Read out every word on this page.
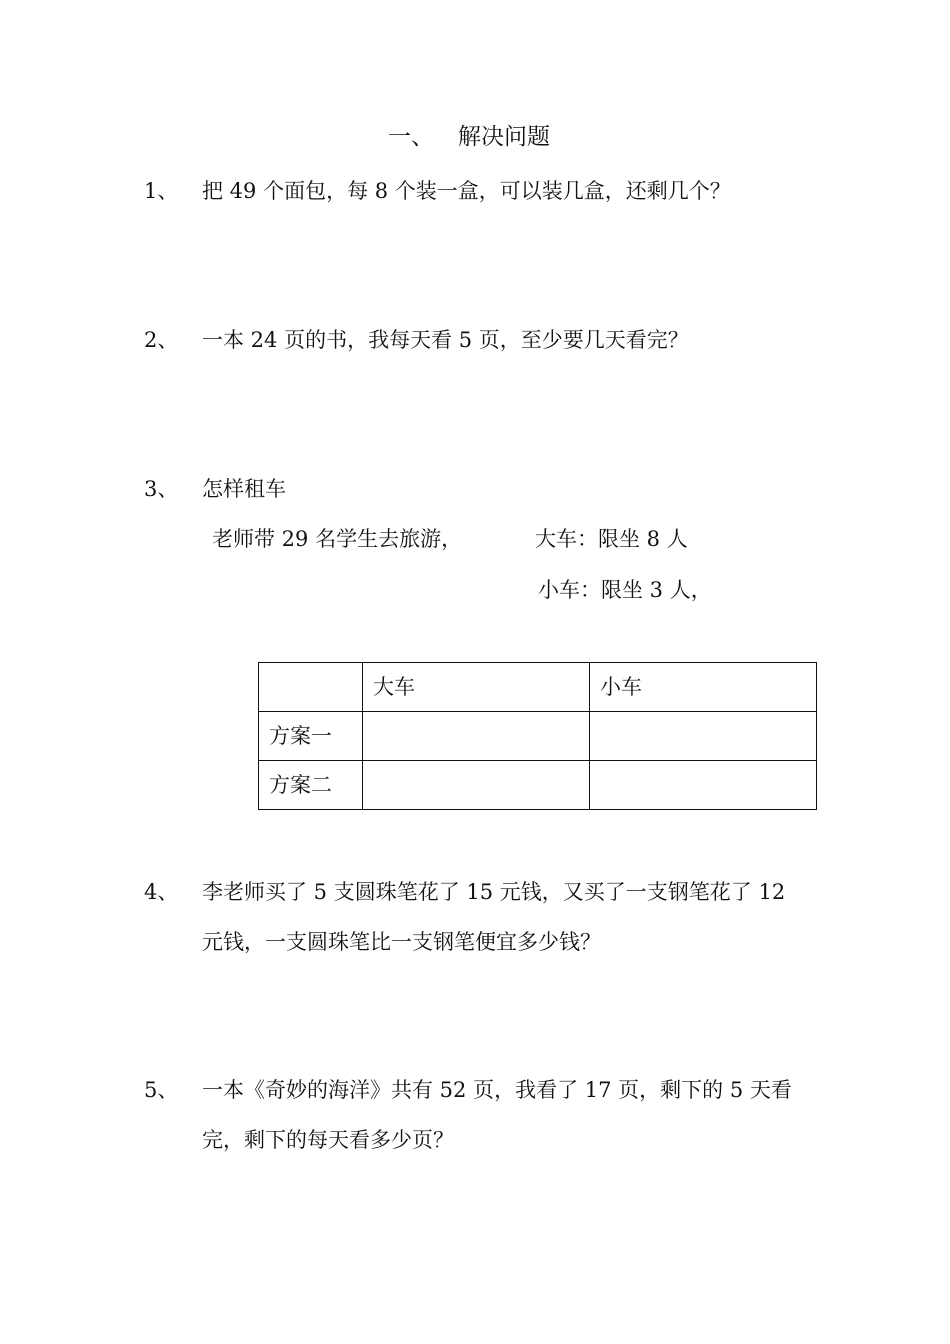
一、 解决问题
1、 把 49 个面包，每 8 个装一盒，可以装几盒，还剩几个？
2、 一本 24 页的书，我每天看 5 页，至少要几天看完？
3、 怎样租车
老师带 29 名学生去旅游，	大车：限坐 8 人
小车：限坐 3 人，
	大车	小车
方案一		
方案二		
4、 李老师买了 5 支圆珠笔花了 15 元钱，又买了一支钢笔花了 12
元钱，一支圆珠笔比一支钢笔便宜多少钱？
5、 一本《奇妙的海洋》共有 52 页，我看了 17 页，剩下的 5 天看
完，剩下的每天看多少页？
